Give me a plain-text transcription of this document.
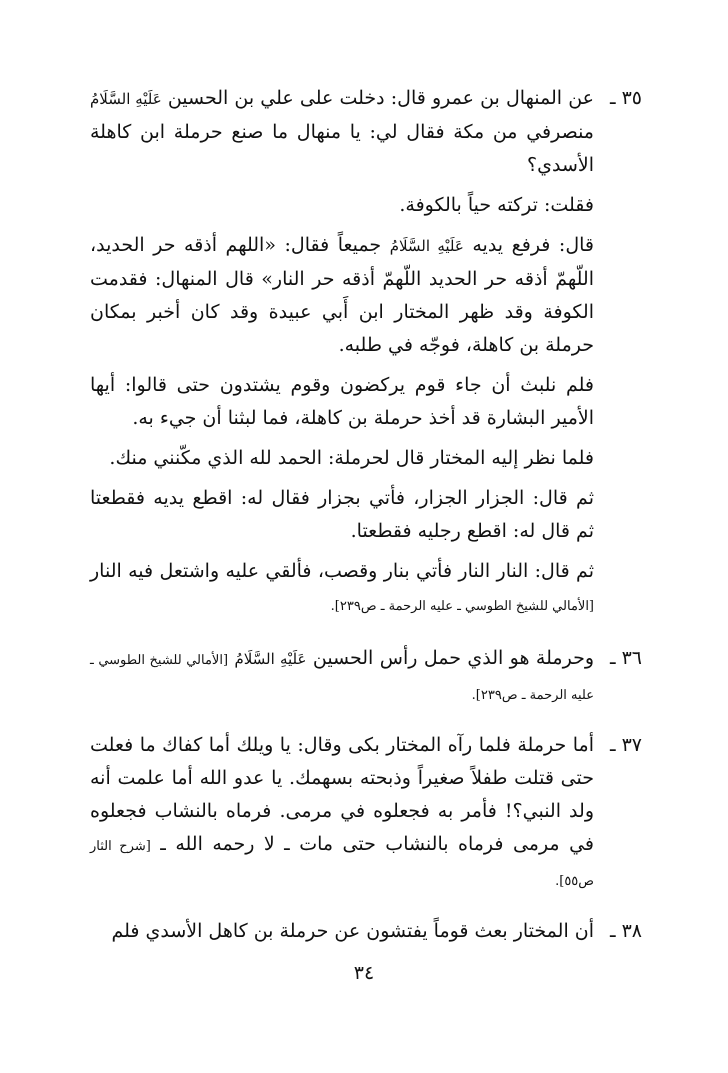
٣٥ ـ

عن المنهال بن عمرو قال: دخلت على علي بن الحسين عَلَيْهِ السَّلَامُ منصرفي من مكة فقال لي: يا منهال ما صنع حرملة ابن كاهلة الأسدي؟

فقلت: تركته حياً بالكوفة.

قال: فرفع يديه عَلَيْهِ السَّلَامُ جميعاً فقال: «اللهم أذقه حر الحديد، اللّهمّ أذقه حر الحديد اللّهمّ أذقه حر النار» قال المنهال: فقدمت الكوفة وقد ظهر المختار ابن أَبي عبيدة وقد كان أخبر بمكان حرملة بن كاهلة، فوجّه في طلبه.

فلم نلبث أن جاء قوم يركضون وقوم يشتدون حتى قالوا: أيها الأمير البشارة قد أخذ حرملة بن كاهلة، فما لبثنا أن جيء به.

فلما نظر إليه المختار قال لحرملة: الحمد لله الذي مكّنني منك.

ثم قال: الجزار الجزار، فأتي بجزار فقال له: اقطع يديه فقطعتا ثم قال له: اقطع رجليه فقطعتا.

ثم قال: النار النار فأتي بنار وقصب، فألقي عليه واشتعل فيه النار [الأمالي للشيخ الطوسي ـ عليه الرحمة ـ ص٢٣٩].

٣٦ ـ

وحرملة هو الذي حمل رأس الحسين عَلَيْهِ السَّلَامُ [الأمالي للشيخ الطوسي ـ عليه الرحمة ـ ص٢٣٩].

٣٧ ـ

أما حرملة فلما رآه المختار بكى وقال: يا ويلك أما كفاك ما فعلت حتى قتلت طفلاً صغيراً وذبحته بسهمك. يا عدو الله أما علمت أنه ولد النبي؟! فأمر به فجعلوه في مرمى. فرماه بالنشاب فجعلوه في مرمى فرماه بالنشاب حتى مات ـ لا رحمه الله ـ [شرح الثار ص٥٥].

٣٨ ـ

أن المختار بعث قوماً يفتشون عن حرملة بن كاهل الأسدي فلم

٣٤
